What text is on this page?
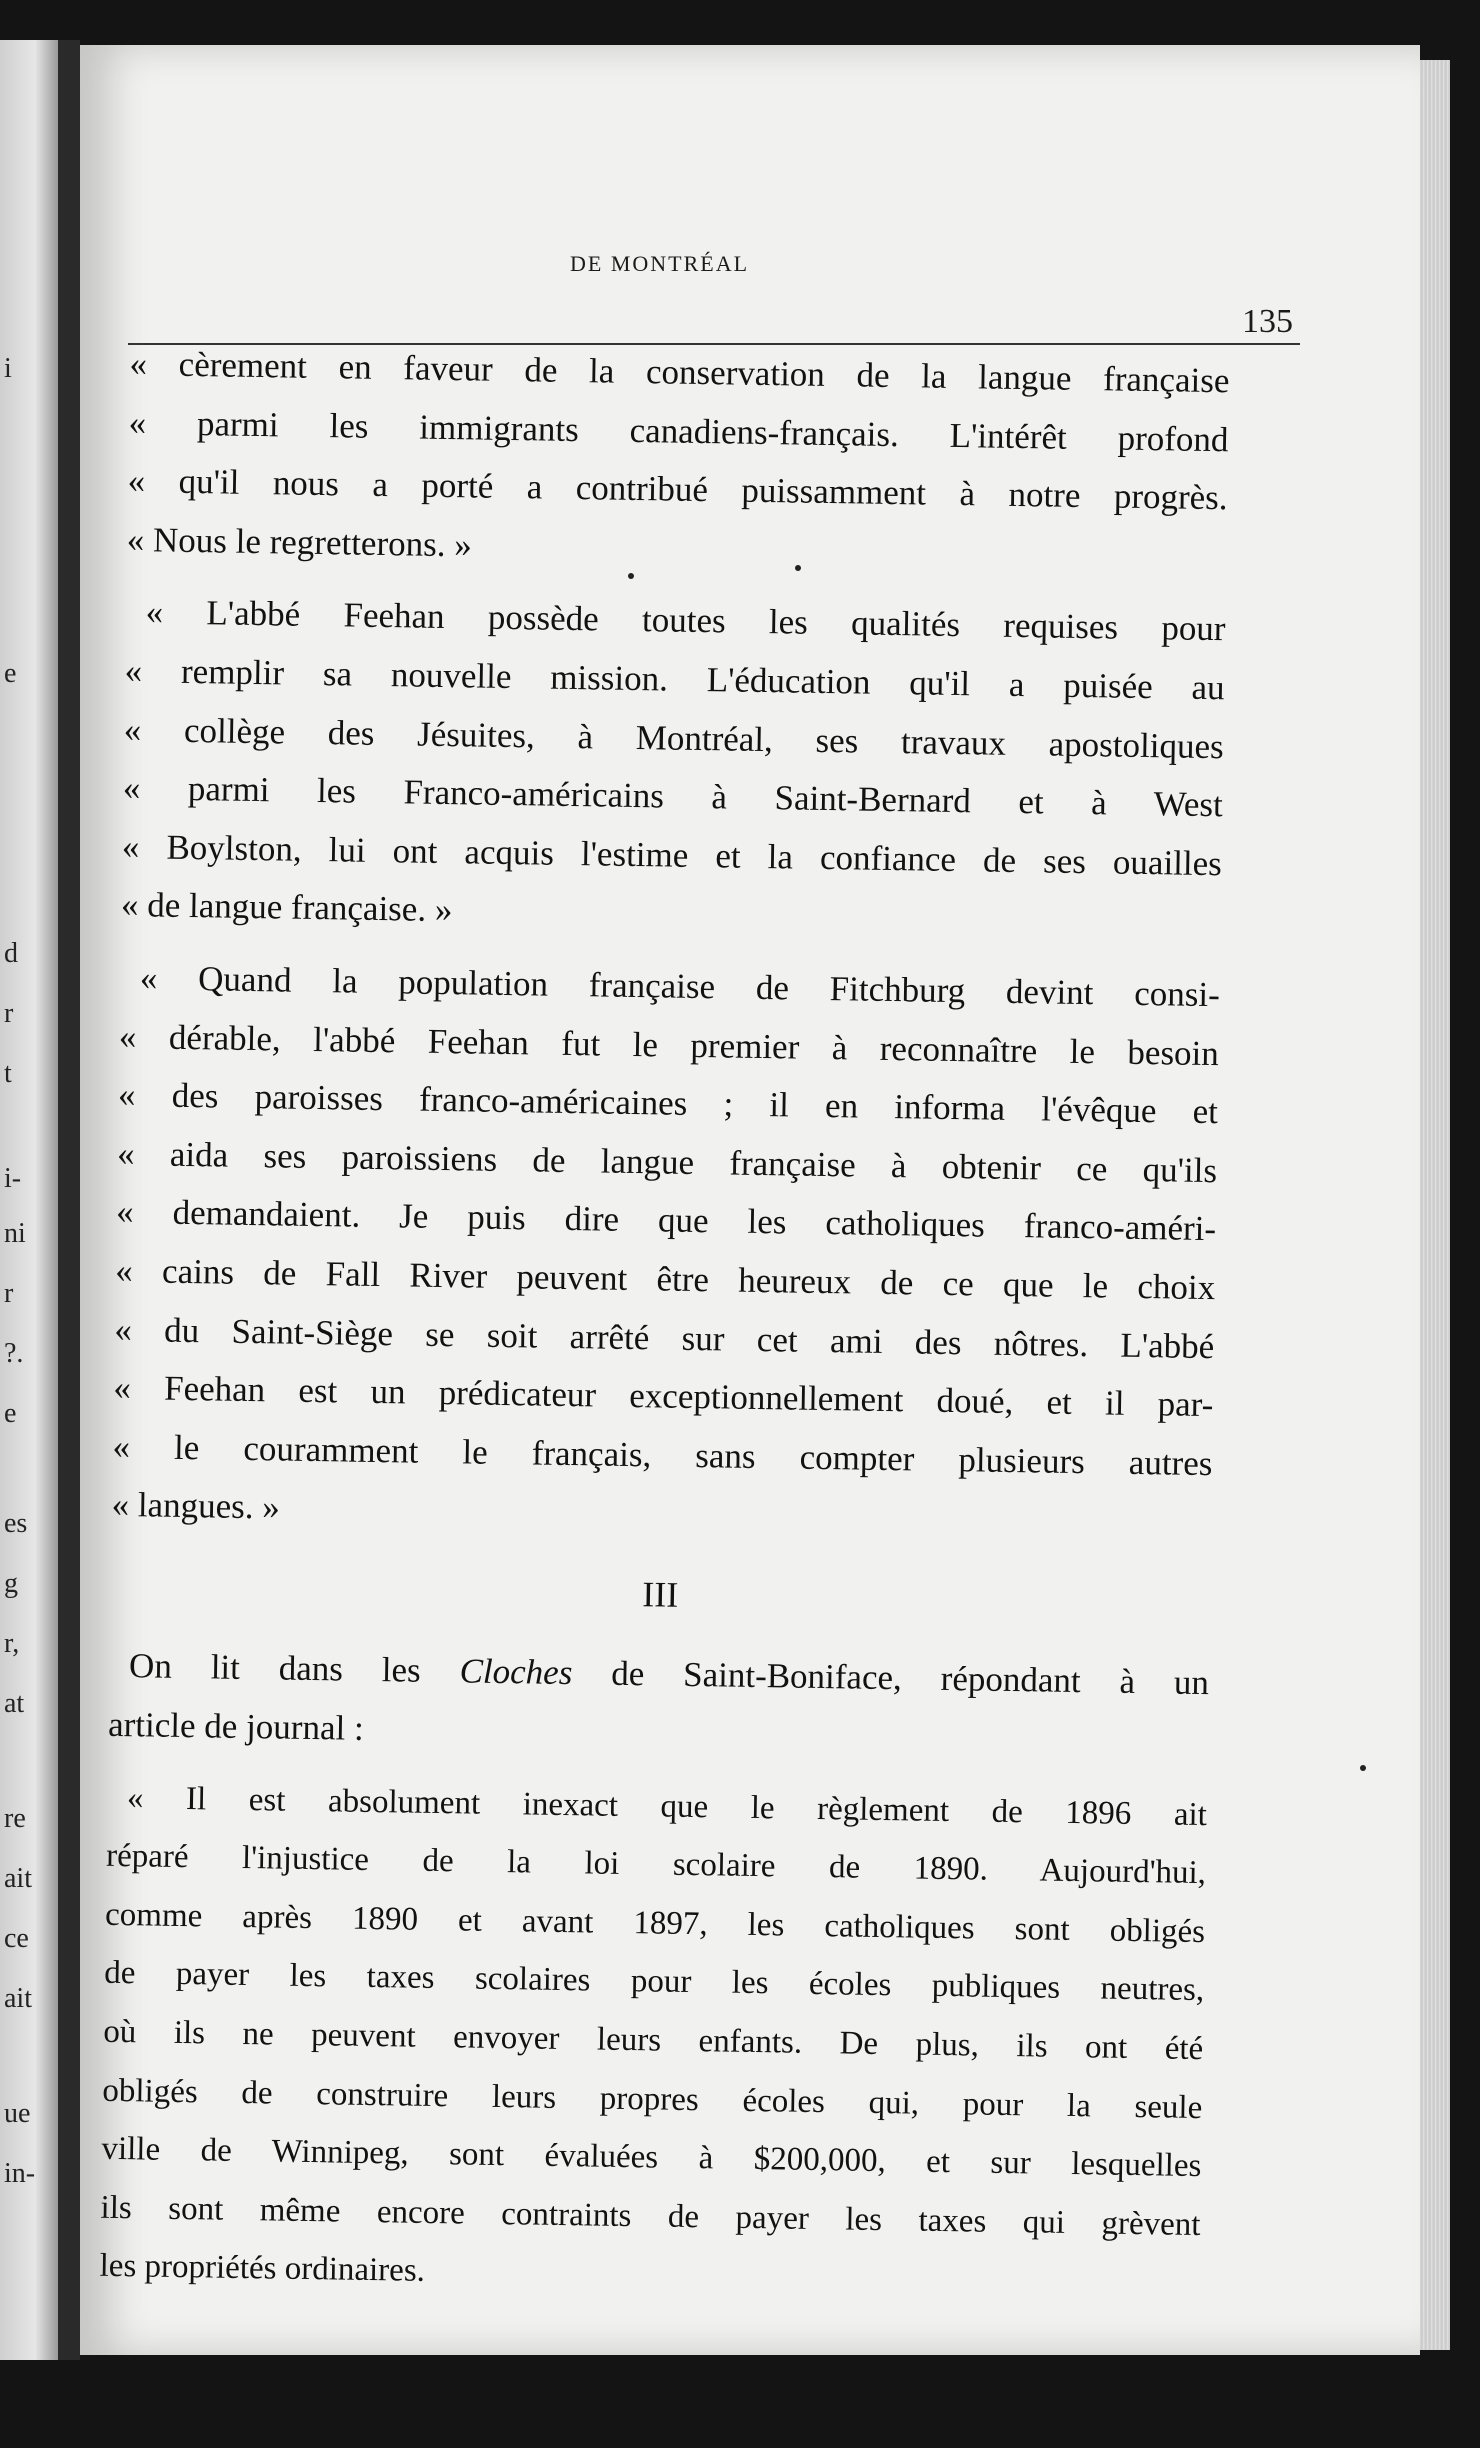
i
e
d
r
t
i-
ni
r
?.
e
es
g
r,
at
re
ait
ce
ait
ue
in-
DE MONTRÉAL
135
« cèrement en faveur de la conservation de la langue française
« parmi les immigrants canadiens-français. L'intérêt profond
« qu'il nous a porté a contribué puissamment à notre progrès.
« Nous le regretterons. »
« L'abbé Feehan possède toutes les qualités requises pour
« remplir sa nouvelle mission. L'éducation qu'il a puisée au
« collège des Jésuites, à Montréal, ses travaux apostoliques
« parmi les Franco-américains à Saint-Bernard et à West
« Boylston, lui ont acquis l'estime et la confiance de ses ouailles
« de langue française. »
« Quand la population française de Fitchburg devint consi-
« dérable, l'abbé Feehan fut le premier à reconnaître le besoin
« des paroisses franco-américaines ; il en informa l'évêque et
« aida ses paroissiens de langue française à obtenir ce qu'ils
« demandaient. Je puis dire que les catholiques franco-améri-
« cains de Fall River peuvent être heureux de ce que le choix
« du Saint-Siège se soit arrêté sur cet ami des nôtres. L'abbé
« Feehan est un prédicateur exceptionnellement doué, et il par-
« le couramment le français, sans compter plusieurs autres
« langues. »
III
On lit dans les Cloches de Saint-Boniface, répondant à un
article de journal :
« Il est absolument inexact que le règlement de 1896 ait
réparé l'injustice de la loi scolaire de 1890. Aujourd'hui,
comme après 1890 et avant 1897, les catholiques sont obligés
de payer les taxes scolaires pour les écoles publiques neutres,
où ils ne peuvent envoyer leurs enfants. De plus, ils ont été
obligés de construire leurs propres écoles qui, pour la seule
ville de Winnipeg, sont évaluées à $200,000, et sur lesquelles
ils sont même encore contraints de payer les taxes qui grèvent
les propriétés ordinaires.
